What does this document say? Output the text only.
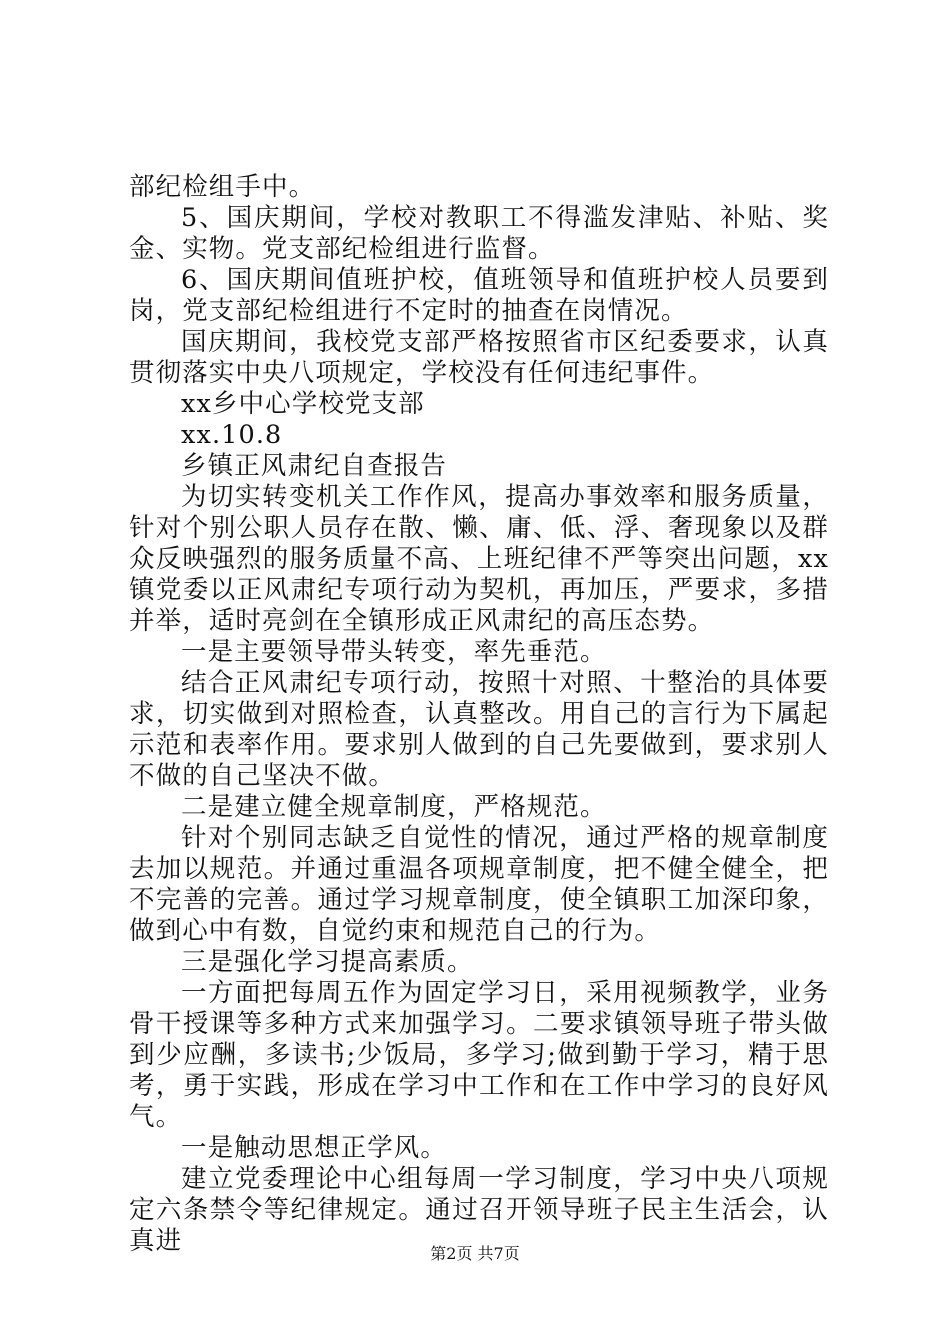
部纪检组手中。

5、国庆期间，学校对教职工不得滥发津贴、补贴、奖金、实物。党支部纪检组进行监督。

6、国庆期间值班护校，值班领导和值班护校人员要到岗，党支部纪检组进行不定时的抽查在岗情况。

国庆期间，我校党支部严格按照省市区纪委要求，认真贯彻落实中央八项规定，学校没有任何违纪事件。

xx乡中心学校党支部

xx.10.8

乡镇正风肃纪自查报告

为切实转变机关工作作风，提高办事效率和服务质量，针对个别公职人员存在散、懒、庸、低、浮、奢现象以及群众反映强烈的服务质量不高、上班纪律不严等突出问题，xx镇党委以正风肃纪专项行动为契机，再加压，严要求，多措并举，适时亮剑在全镇形成正风肃纪的高压态势。

一是主要领导带头转变，率先垂范。

结合正风肃纪专项行动，按照十对照、十整治的具体要求，切实做到对照检查，认真整改。用自己的言行为下属起示范和表率作用。要求别人做到的自己先要做到，要求别人不做的自己坚决不做。

二是建立健全规章制度，严格规范。

针对个别同志缺乏自觉性的情况，通过严格的规章制度去加以规范。并通过重温各项规章制度，把不健全健全，把不完善的完善。通过学习规章制度，使全镇职工加深印象，做到心中有数，自觉约束和规范自己的行为。

三是强化学习提高素质。

一方面把每周五作为固定学习日，采用视频教学，业务骨干授课等多种方式来加强学习。二要求镇领导班子带头做到少应酬，多读书;少饭局，多学习;做到勤于学习，精于思考，勇于实践，形成在学习中工作和在工作中学习的良好风气。

一是触动思想正学风。

建立党委理论中心组每周一学习制度，学习中央八项规定六条禁令等纪律规定。通过召开领导班子民主生活会，认真进	第2页 共7页
